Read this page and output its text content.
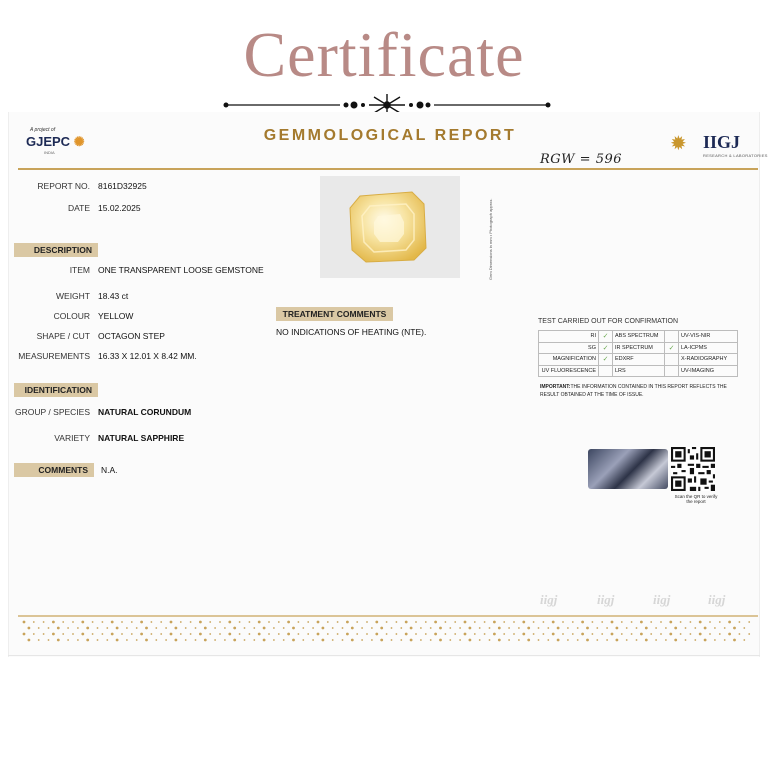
Certificate
A project of
GJEPC ✺
INDIA
GEMMOLOGICAL REPORT	✹ IIGJ
RESEARCH & LABORATORIES
RGW = 596
REPORT NO. 8161D32925
DATE 15.02.2025
DESCRIPTION
ITEM ONE TRANSPARENT LOOSE GEMSTONE
WEIGHT 18.43 ct
COLOUR YELLOW
SHAPE / CUT OCTAGON STEP
MEASUREMENTS 16.33 X 12.01 X 8.42 MM.
IDENTIFICATION
GROUP / SPECIES NATURAL CORUNDUM
VARIETY NATURAL SAPPHIRE
COMMENTS	N.A.
Gem Dimensions in mm • Photograph approx.
TREATMENT COMMENTS
NO INDICATIONS OF HEATING (NTE).
TEST CARRIED OUT FOR CONFIRMATION
RI	✓	ABS SPECTRUM		UV-VIS-NIR
SG	✓	IR SPECTRUM	✓	LA-ICPMS
MAGNIFICATION	✓	EDXRF		X-RADIOGRAPHY
UV FLUORESCENCE		LRS		UV-IMAGING
IMPORTANT:THE INFORMATION CONTAINED IN THIS REPORT REFLECTS THE RESULT OBTAINED AT THE TIME OF ISSUE.
Scan the QR to verify the report
iigj	iigj	iigj	iigj
